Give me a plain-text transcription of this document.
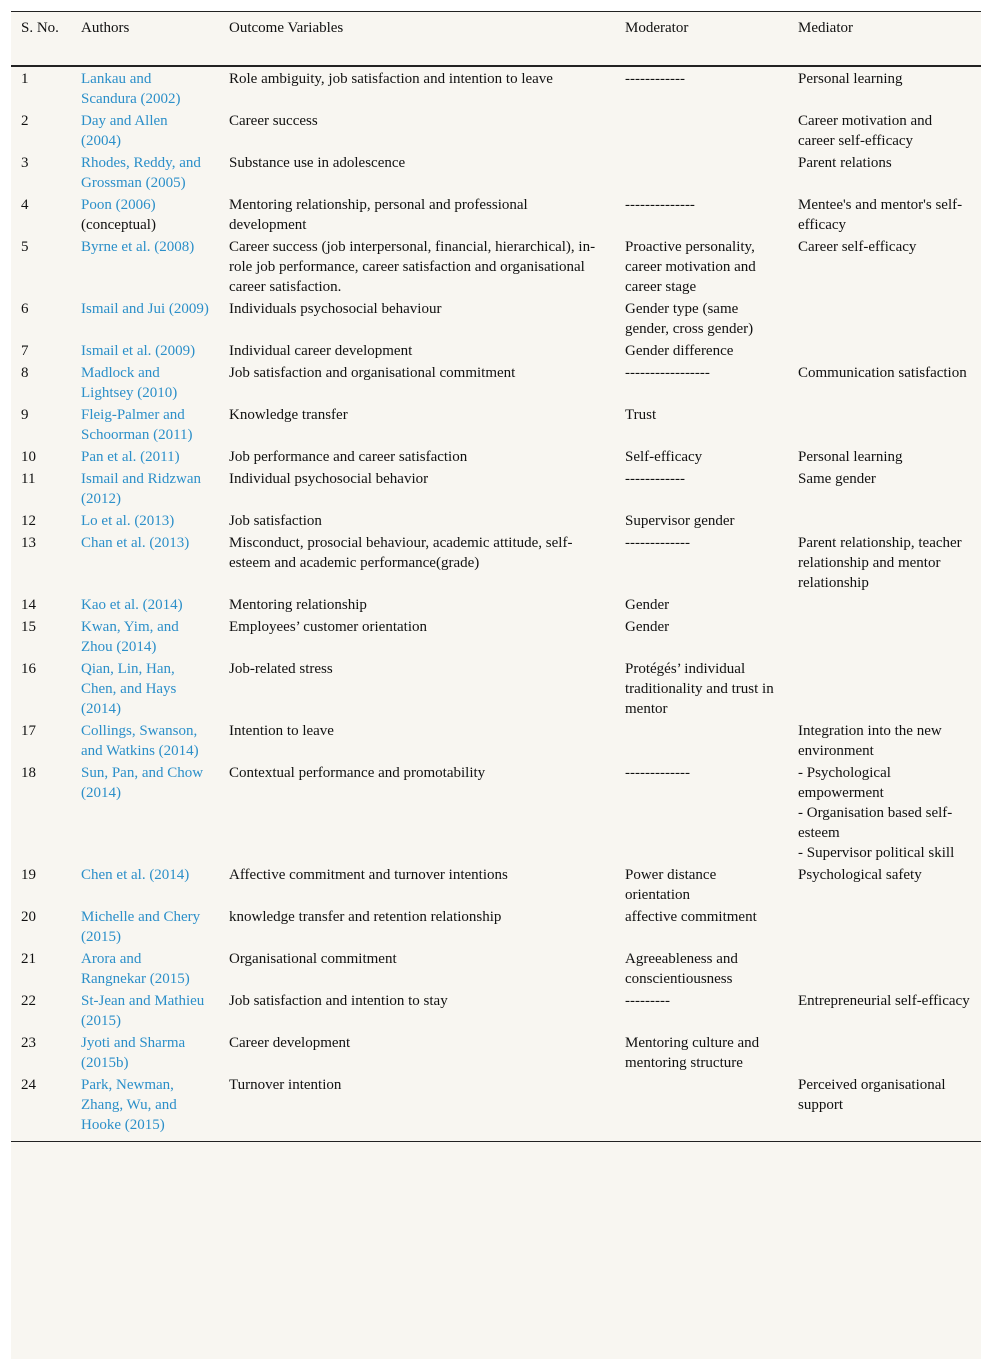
S. No.	Authors	Outcome Variables	Moderator	Mediator
1	Lankau and Scandura (2002)	Role ambiguity, job satisfaction and intention to leave	------------	Personal learning

2	Day and Allen (2004)	Career success		Career motivation and career self-efficacy

3	Rhodes, Reddy, and Grossman (2005)	Substance use in adolescence		Parent relations

4	Poon (2006) (conceptual)	Mentoring relationship, personal and professional development	--------------	Mentee's and mentor's self-efficacy

5	Byrne et al. (2008)	Career success (job interpersonal, financial, hierarchical), in-role job performance, career satisfaction and organisational career satisfaction.	Proactive personality, career motivation and career stage	Career self-efficacy

6	Ismail and Jui (2009)	Individuals psychosocial behaviour	Gender type (same gender, cross gender)	

7	Ismail et al. (2009)	Individual career development	Gender difference	

8	Madlock and Lightsey (2010)	Job satisfaction and organisational commitment	-----------------	Communication satisfaction

9	Fleig-Palmer and Schoorman (2011)	Knowledge transfer	Trust	

10	Pan et al. (2011)	Job performance and career satisfaction	Self-efficacy	Personal learning

11	Ismail and Ridzwan (2012)	Individual psychosocial behavior	------------	Same gender

12	Lo et al. (2013)	Job satisfaction	Supervisor gender	

13	Chan et al. (2013)	Misconduct, prosocial behaviour, academic attitude, self-esteem and academic performance(grade)	-------------	Parent relationship, teacher relationship and mentor relationship

14	Kao et al. (2014)	Mentoring relationship	Gender	

15	Kwan, Yim, and Zhou (2014)	Employees’ customer orientation	Gender	

16	Qian, Lin, Han, Chen, and Hays (2014)	Job-related stress	Protégés’ individual traditionality and trust in mentor	

17	Collings, Swanson, and Watkins (2014)	Intention to leave		Integration into the new environment

18	Sun, Pan, and Chow (2014)	Contextual performance and promotability	-------------	- Psychological empowerment
- Organisation based self-esteem
- Supervisor political skill

19	Chen et al. (2014)	Affective commitment and turnover intentions	Power distance orientation	Psychological safety

20	Michelle and Chery (2015)	knowledge transfer and retention relationship	affective commitment	

21	Arora and Rangnekar (2015)	Organisational commitment	Agreeableness and conscientiousness	

22	St-Jean and Mathieu (2015)	Job satisfaction and intention to stay	---------	Entrepreneurial self-efficacy

23	Jyoti and Sharma (2015b)	Career development	Mentoring culture and mentoring structure	

24	Park, Newman, Zhang, Wu, and Hooke (2015)	Turnover intention		Perceived organisational support
